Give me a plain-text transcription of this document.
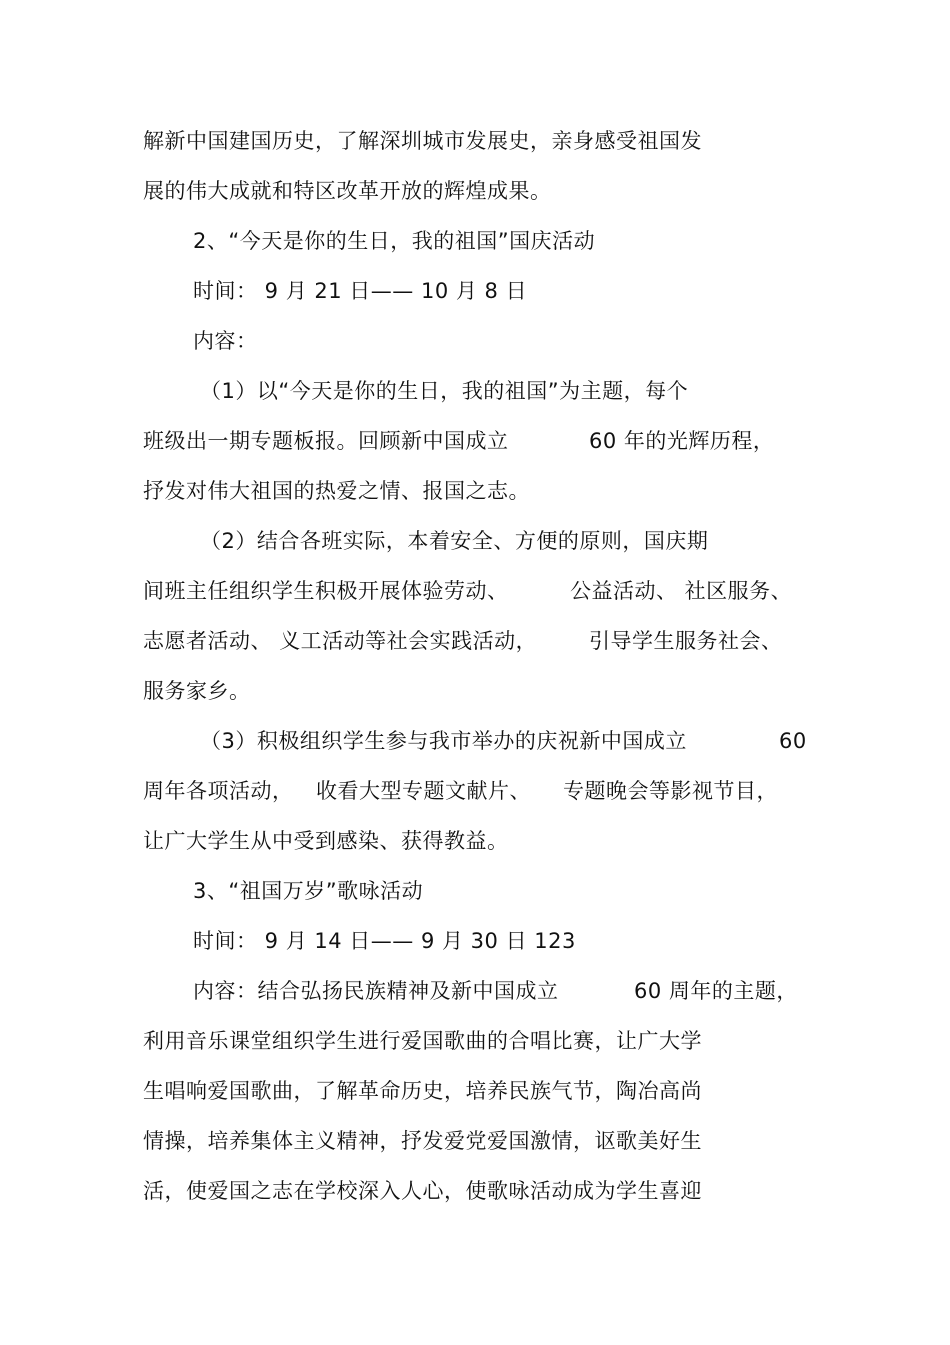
解新中国建国历史，了解深圳城市发展史，亲身感受祖国发
展的伟大成就和特区改革开放的辉煌成果。
2、“今天是你的生日，我的祖国”国庆活动
时间： 9 月 21 日—— 10 月 8 日
内容：
（1）以“今天是你的生日，我的祖国”为主题，每个
班级出一期专题板报。回顾新中国成立	60 年的光辉历程，
抒发对伟大祖国的热爱之情、报国之志。
（2）结合各班实际，本着安全、方便的原则，国庆期
间班主任组织学生积极开展体验劳动、	公益活动、 社区服务、
志愿者活动、 义工活动等社会实践活动， 引导学生服务社会、
服务家乡。
（3）积极组织学生参与我市举办的庆祝新中国成立	60
周年各项活动， 收看大型专题文献片、 专题晚会等影视节目，
让广大学生从中受到感染、获得教益。
3、“祖国万岁”歌咏活动
时间： 9 月 14 日—— 9 月 30 日 123
内容：结合弘扬民族精神及新中国成立	60 周年的主题，
利用音乐课堂组织学生进行爱国歌曲的合唱比赛，让广大学
生唱响爱国歌曲，了解革命历史，培养民族气节，陶冶高尚
情操，培养集体主义精神，抒发爱党爱国激情，讴歌美好生
活，使爱国之志在学校深入人心，使歌咏活动成为学生喜迎
